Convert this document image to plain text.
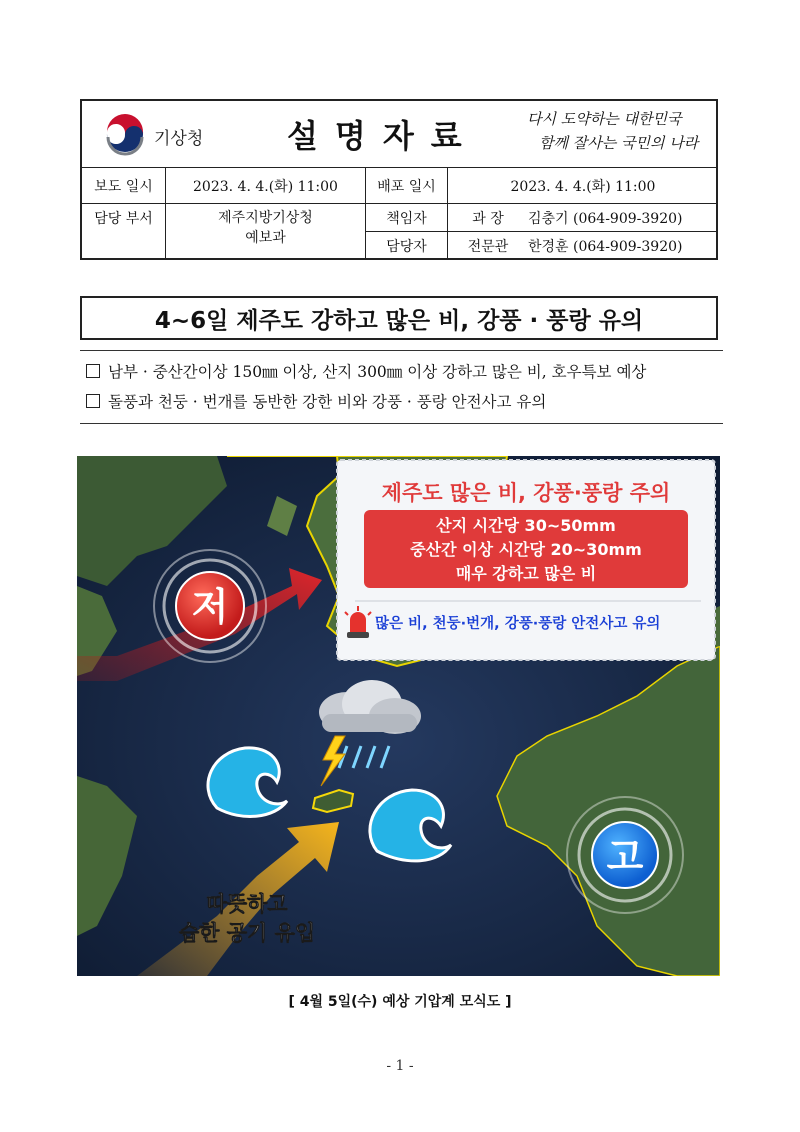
기상청	설명자료	다시 도약하는 대한민국
함께 잘사는 국민의 나라
보도 일시	2023. 4. 4.(화) 11:00	배포 일시	2023. 4. 4.(화) 11:00
담당 부서	제주지방기상청
예보과
책임자	과 장	김충기 (064-909-3920)
담당자	전문관	한경훈 (064-909-3920)
4~6일 제주도 강하고 많은 비, 강풍 · 풍랑 유의
남부 · 중산간이상 150㎜ 이상, 산지 300㎜ 이상 강하고 많은 비, 호우특보 예상
돌풍과 천둥 · 번개를 동반한 강한 비와 강풍 · 풍랑 안전사고 유의
저
고
따뜻하고
습한 공기 유입
제주도 많은 비, 강풍·풍랑 주의
산지 시간당 30~50mm
중산간 이상 시간당 20~30mm
매우 강하고 많은 비
많은 비, 천둥·번개, 강풍·풍랑 안전사고 유의
[ 4월 5일(수) 예상 기압계 모식도 ]
- 1 -
